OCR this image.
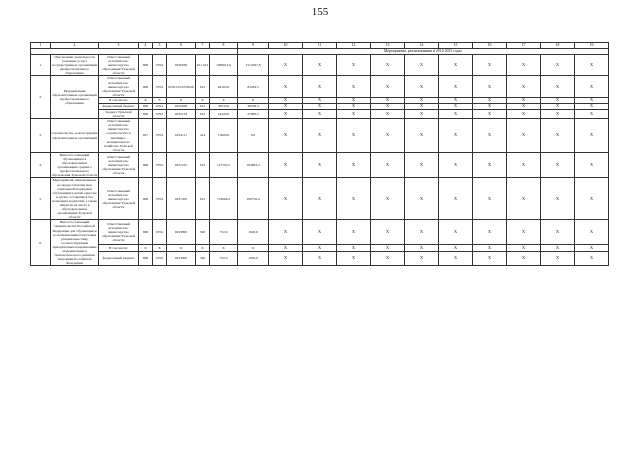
155
1	2	3	4	5	6	7	8	9	10	11	12	13	14	15	16	17	18	19
								Мероприятия, реализованные в 2014-2015 годах										
1.	Обеспечение деятельности (оказание услуг) государственных организаций профессионального образования	Ответственный исполнитель: министерство образования Тульской области	808	0704	0230039	611 612	1069612,0	1512297,8	X	X	X	X	X	X	X	X	X	X
2.	Модернизация образовательных организаций профессионального образования	Ответственный исполнитель: министерство образования Тульской области	808	0704	0232133 0235026	612	64163,0	65284,5	X	X	X	X	X	X	X	X	X	X
		В том числе:	X	X	X	X	X	X	X	X	X	X	X	X	X	X	X	X
		федеральный бюджет	808	0704	0235026	612	39743,0	38199,3	X	X	X	X	X	X	X	X	X	X
		бюджет Тульской области	808	0704	0232133	612	24420,0	27085,2	X	X	X	X	X	X	X	X	X	X
3.	Строительство, реконструкция образовательных организаций	Ответственный исполнитель: министерство строительства и жилищно-коммунального хозяйства Тульской области	827	0704	0234111	414	15000,0	0,0	X	X	X	X	X	X	X	X	X	X
4.	Выплата стипендий обучающимся в образовательных организациях среднего профессионального образования Тульской области	Ответственный исполнитель: министерство образования Тульской области	808	0704	0237225	612	127795,5	184883,2	X	X	X	X	X	X	X	X	X	X
5.	Мероприятия, направленные на предоставление мер социальной поддержки обучающимся детям-сиротам и детям, оставшимся без попечения родителей, а также лицам из их числа в образовательных организациях Тульской области	Ответственный исполнитель: министерство образования Тульской области	808	0704	0237205	612	176064,2	180718,4	X	X	X	X	X	X	X	X	X	X
6.	Выплата стипендий Правительства Российской Федерации для обучающихся по направлениям подготовки (специальностям), соответствующим приоритетным направлениям модернизации и технологического развития экономики Российской Федерации	Ответственный исполнитель: министерство образования Тульской области	808	0704	0233895	340	752,0	1020,0	X	X	X	X	X	X	X	X	X	X
		В том числе:	X	X	X	X	X	X	X	X	X	X	X	X	X	X	X	X
		федеральный бюджет	808	0704	0233895	340	752,0	1020,0	X	X	X	X	X	X	X	X	X	X
